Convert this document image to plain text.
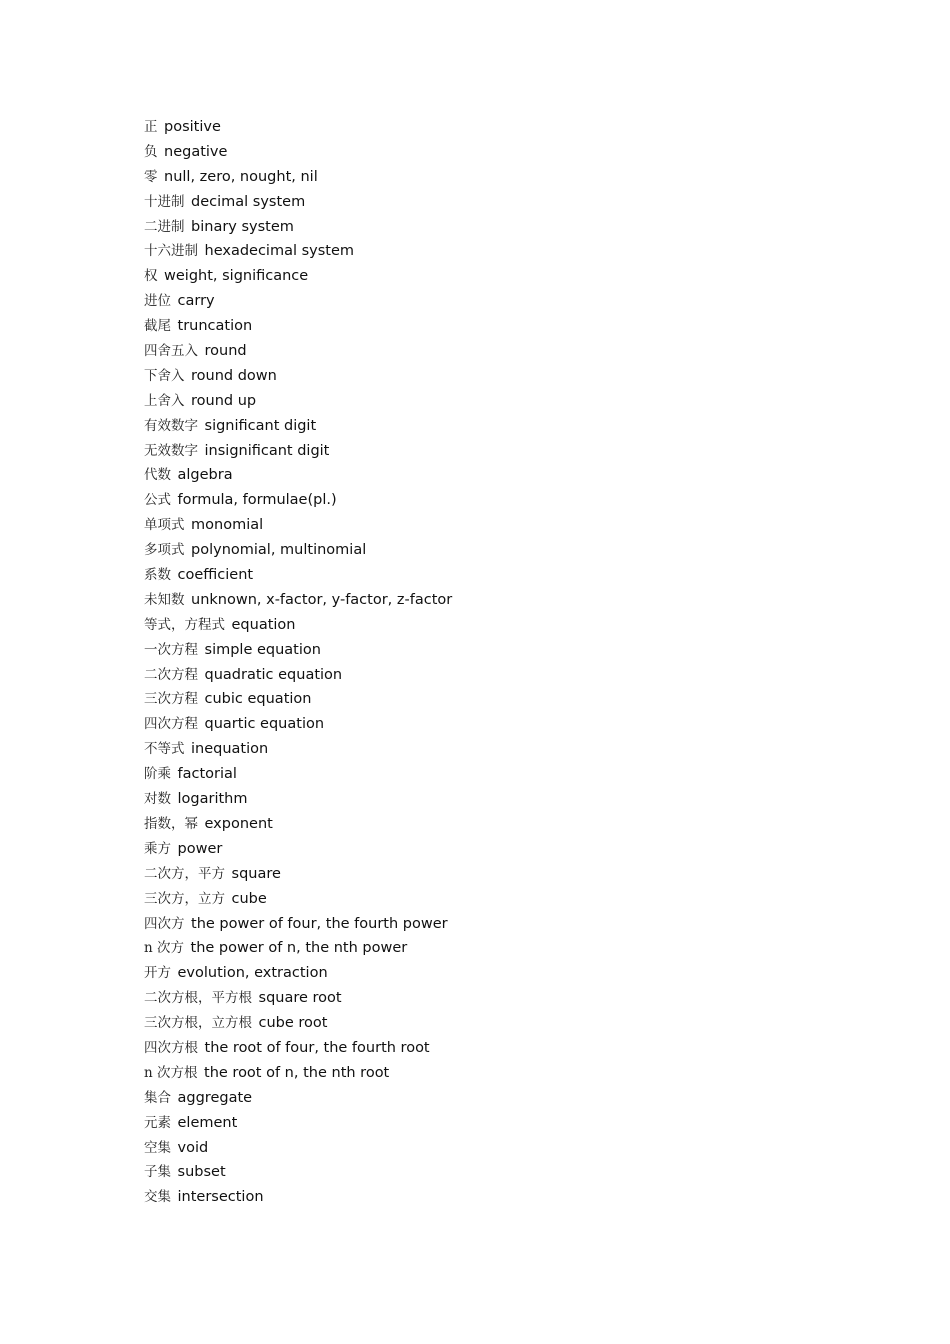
正 positive
负 negative
零 null, zero, nought, nil
十进制 decimal system
二进制 binary system
十六进制 hexadecimal system
权 weight, significance
进位 carry
截尾 truncation
四舍五入 round
下舍入 round down
上舍入 round up
有效数字 significant digit
无效数字 insignificant digit
代数 algebra
公式 formula, formulae(pl.)
单项式 monomial
多项式 polynomial, multinomial
系数 coefficient
未知数 unknown, x-factor, y-factor, z-factor
等式，方程式 equation
一次方程 simple equation
二次方程 quadratic equation
三次方程 cubic equation
四次方程 quartic equation
不等式 inequation
阶乘 factorial
对数 logarithm
指数，幂 exponent
乘方 power
二次方，平方 square
三次方，立方 cube
四次方 the power of four, the fourth power
n 次方 the power of n, the nth power
开方 evolution, extraction
二次方根，平方根 square root
三次方根，立方根 cube root
四次方根 the root of four, the fourth root
n 次方根 the root of n, the nth root
集合 aggregate
元素 element
空集 void
子集 subset
交集 intersection
